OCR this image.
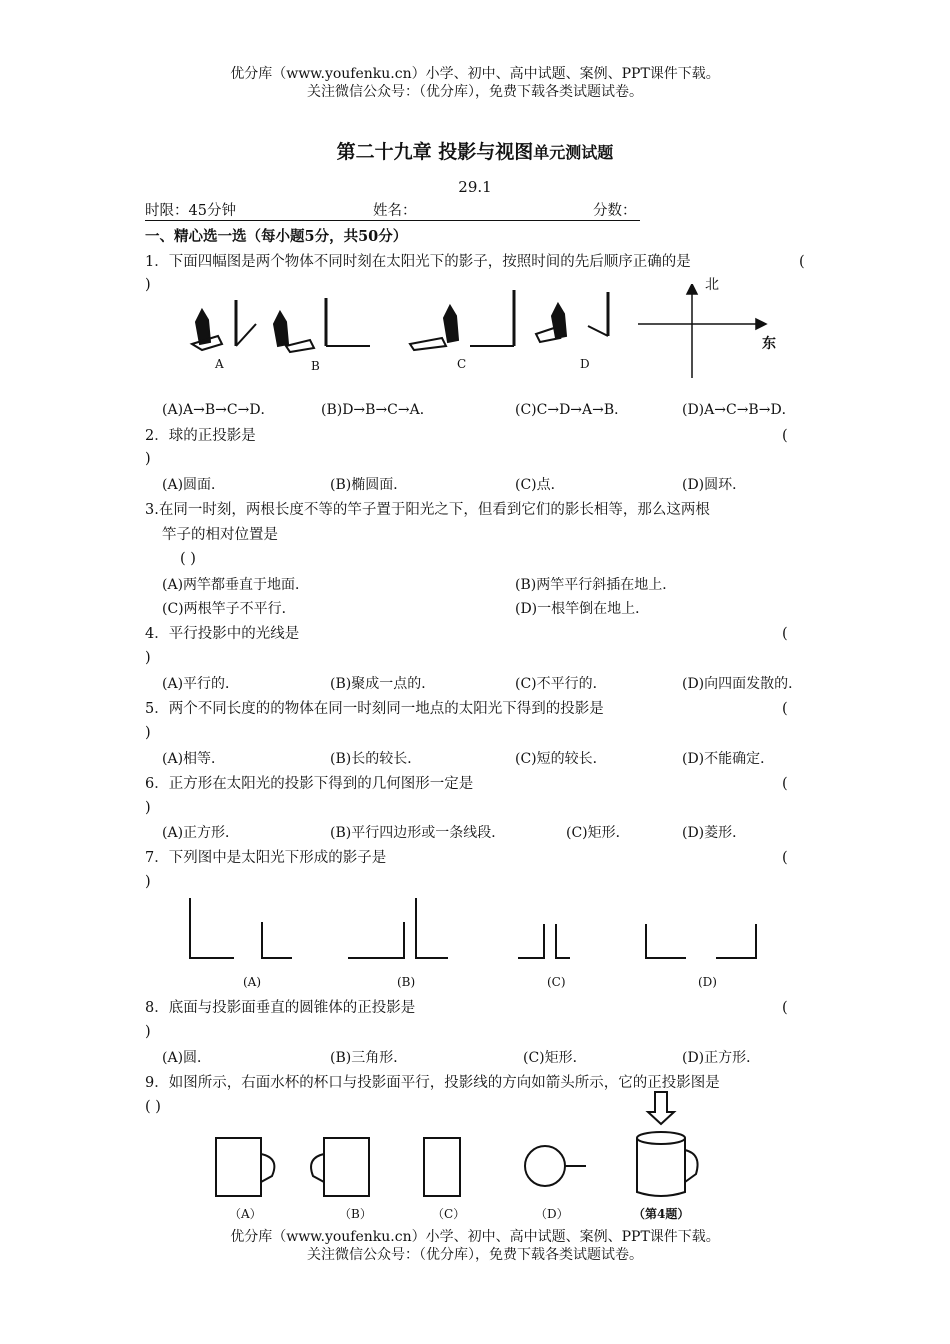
优分库（www.youfenku.cn）小学、初中、高中试题、案例、PPT课件下载。
关注微信公众号：（优分库），免费下载各类试题试卷。
第二十九章 投影与视图单元测试题
29.1
时限：45分钟	姓名：	分数：
一、精心选一选（每小题5分，共50分）
1．下面四幅图是两个物体不同时刻在太阳光下的影子，按照时间的先后顺序正确的是	(
)
A	B	C	D
北
东
(A)A→B→C→D．	(B)D→B→C→A．	(C)C→D→A→B．	(D)A→C→B→D．
2．球的正投影是	(
)
(A)圆面．	(B)椭圆面．	(C)点．	(D)圆环．
3.在同一时刻，两根长度不等的竿子置于阳光之下，但看到它们的影长相等，那么这两根
竿子的相对位置是
( )
(A)两竿都垂直于地面．	(B)两竿平行斜插在地上．
(C)两根竿子不平行．	(D)一根竿倒在地上．
4．平行投影中的光线是	(
)
(A)平行的．	(B)聚成一点的．	(C)不平行的．	(D)向四面发散的．
5．两个不同长度的的物体在同一时刻同一地点的太阳光下得到的投影是	(
)
(A)相等．	(B)长的较长．	(C)短的较长．	(D)不能确定．
6．正方形在太阳光的投影下得到的几何图形一定是	(
)
(A)正方形．	(B)平行四边形或一条线段．	(C)矩形．	(D)菱形．
7．下列图中是太阳光下形成的影子是	(
)
(A)	(B)	(C)	(D)
8．底面与投影面垂直的圆锥体的正投影是	(
)
(A)圆．	(B)三角形．	(C)矩形．	(D)正方形．
9．如图所示，右面水杯的杯口与投影面平行，投影线的方向如箭头所示，它的正投影图是
( )
（A）	（B）	（C）	（D）	（第4题）
优分库（www.youfenku.cn）小学、初中、高中试题、案例、PPT课件下载。
关注微信公众号：（优分库），免费下载各类试题试卷。
